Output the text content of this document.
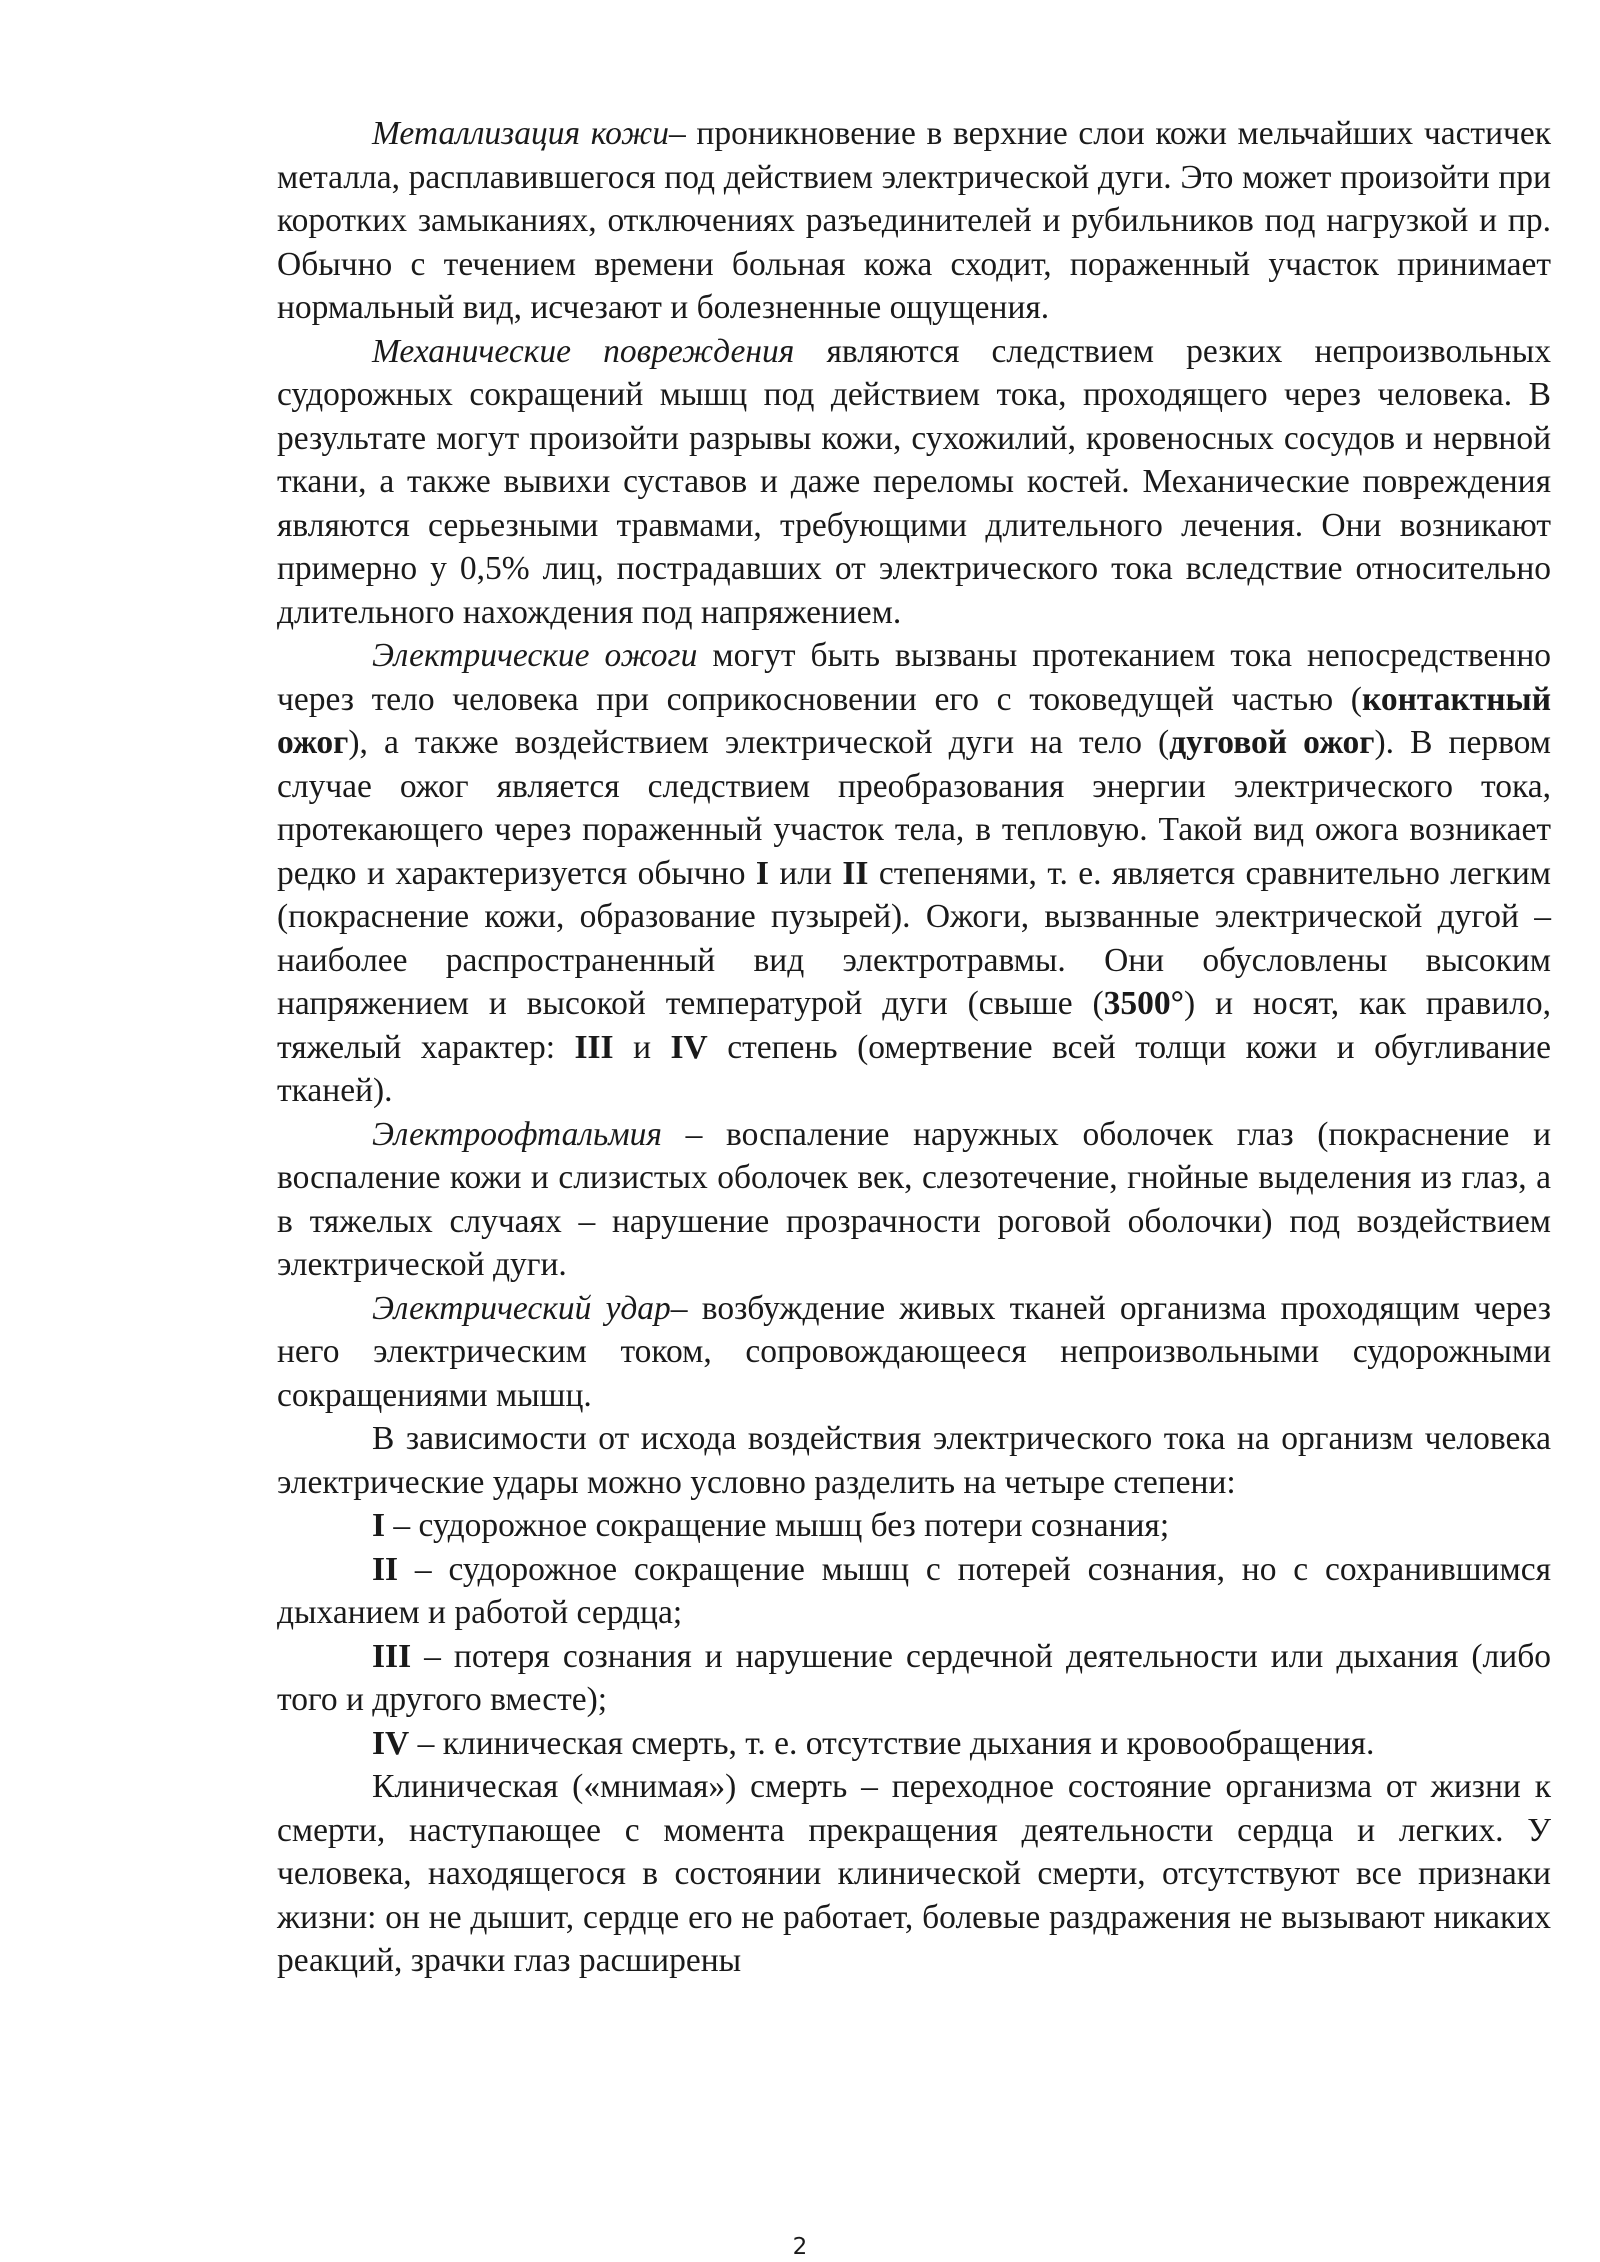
Металлизация кожи– проникновение в верхние слои кожи мельчайших частичек металла, расплавившегося под действием электрической дуги. Это может произойти при коротких замыканиях, отключениях разъединителей и рубильников под нагрузкой и пр. Обычно с течением времени больная кожа сходит, пораженный участок принимает нормальный вид, исчезают и болезненные ощущения.

Механические повреждения являются следствием резких непроизвольных судорожных сокращений мышц под действием тока, проходящего через человека. В результате могут произойти разрывы кожи, сухожилий, кровеносных сосудов и нервной ткани, а также вывихи суставов и даже переломы костей. Механические повреждения являются серьезными травмами, требующими длительного лечения. Они возникают примерно у 0,5% лиц, пострадавших от электрического тока вследствие относительно длительного нахождения под напряжением.

Электрические ожоги могут быть вызваны протеканием тока непосредственно через тело человека при соприкосновении его с токоведущей частью (контактный ожог), а также воздействием электрической дуги на тело (дуговой ожог). В первом случае ожог является следствием преобразования энергии электрического тока, протекающего через пораженный участок тела, в тепловую. Такой вид ожога возникает редко и характеризуется обычно I или II степенями, т. е. является сравнительно легким (покраснение кожи, образование пузырей). Ожоги, вызванные электрической дугой – наиболее распространенный вид электротравмы. Они обусловлены высоким напряжением и высокой температурой дуги (свыше (3500°) и носят, как правило, тяжелый характер: III и IV степень (омертвение всей толщи кожи и обугливание тканей).

Электроофтальмия – воспаление наружных оболочек глаз (покраснение и воспаление кожи и слизистых оболочек век, слезотечение, гнойные выделения из глаз, а в тяжелых случаях – нарушение прозрачности роговой оболочки) под воздействием электрической дуги.

Электрический удар– возбуждение живых тканей организма проходящим через него электрическим током, сопровождающееся непроизвольными судорожными сокращениями мышц.

В зависимости от исхода воздействия электрического тока на организм человека электрические удары можно условно разделить на четыре степени:

I – судорожное сокращение мышц без потери сознания;

II – судорожное сокращение мышц с потерей сознания, но с сохранившимся дыханием и работой сердца;

III – потеря сознания и нарушение сердечной деятельности или дыхания (либо того и другого вместе);

IV – клиническая смерть, т. е. отсутствие дыхания и кровообращения.

Клиническая («мнимая») смерть – переходное состояние организма от жизни к смерти, наступающее с момента прекращения деятельности сердца и легких. У человека, находящегося в состоянии клинической смерти, отсутствуют все признаки жизни: он не дышит, сердце его не работает, болевые раздражения не вызывают никаких реакций, зрачки глаз расширены

2
